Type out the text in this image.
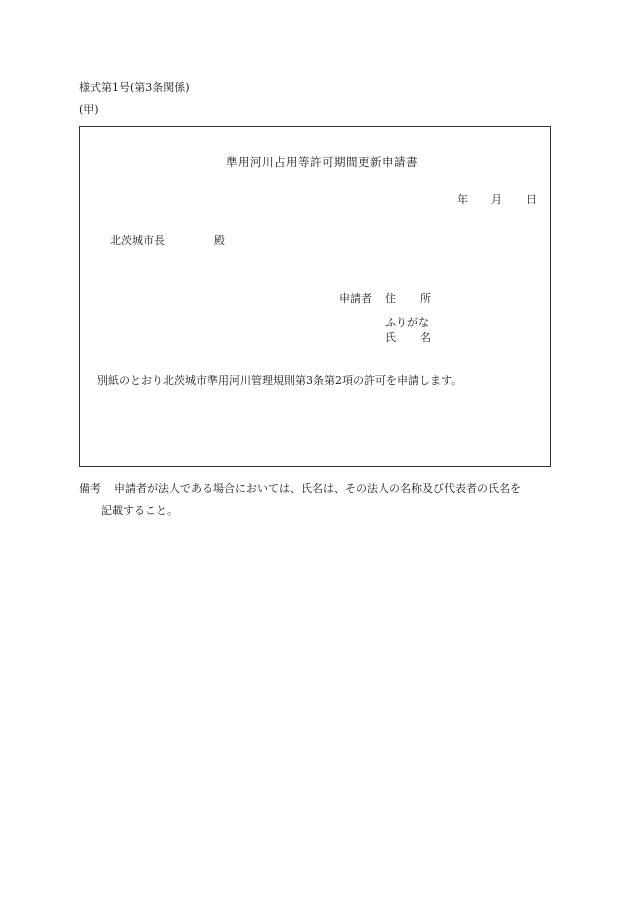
様式第1号(第3条関係)
(甲)
準用河川占用等許可期間更新申請書
年 月 日
北茨城市長	殿
申請者 住 所
ふりがな
氏 名
別紙のとおり北茨城市準用河川管理規則第3条第2項の許可を申請します。
備考 申請者が法人である場合においては、氏名は、その法人の名称及び代表者の氏名を
記載すること。
